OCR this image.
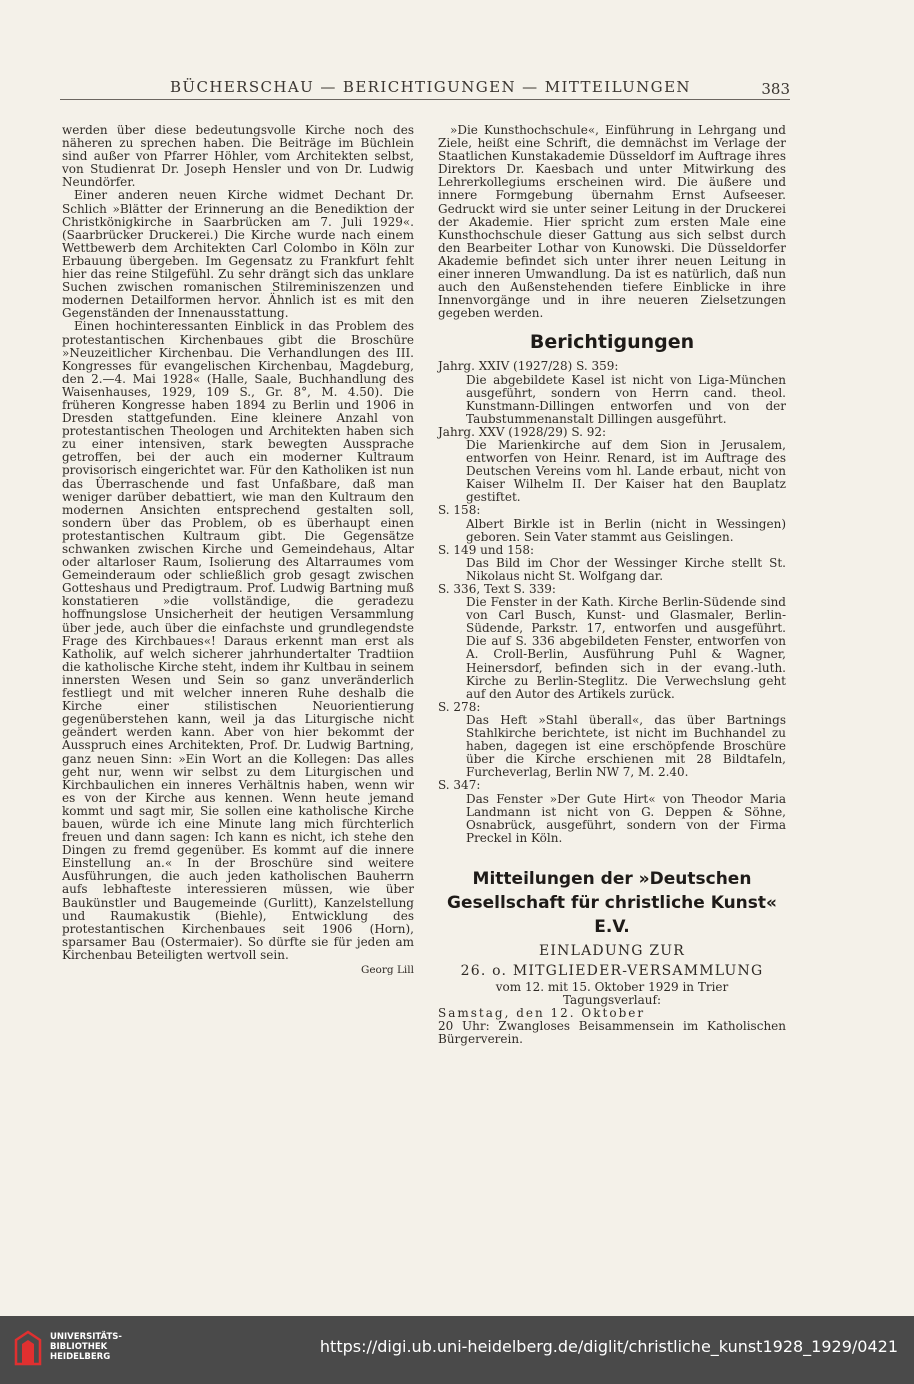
BÜCHERSCHAU — BERICHTIGUNGEN — MITTEILUNGEN	383

werden über diese bedeutungsvolle Kirche noch des näheren zu sprechen haben. Die Beiträge im Büchlein sind außer von Pfarrer Höhler, vom Architekten selbst, von Studienrat Dr. Joseph Hensler und von Dr. Ludwig Neundörfer.

Einer anderen neuen Kirche widmet Dechant Dr. Schlich »Blätter der Erinnerung an die Benediktion der Christkönigkirche in Saarbrücken am 7. Juli 1929«. (Saarbrücker Druckerei.) Die Kirche wurde nach einem Wettbewerb dem Architekten Carl Colombo in Köln zur Erbauung übergeben. Im Gegensatz zu Frankfurt fehlt hier das reine Stilgefühl. Zu sehr drängt sich das unklare Suchen zwischen romanischen Stilreminiszenzen und modernen Detailformen hervor. Ähnlich ist es mit den Gegenständen der Innenausstattung.

Einen hochinteressanten Einblick in das Problem des protestantischen Kirchenbaues gibt die Broschüre »Neuzeitlicher Kirchenbau. Die Verhandlungen des III. Kongresses für evangelischen Kirchenbau, Magdeburg, den 2.—4. Mai 1928« (Halle, Saale, Buchhandlung des Waisenhauses, 1929, 109 S., Gr. 8°, M. 4.50). Die früheren Kongresse haben 1894 zu Berlin und 1906 in Dresden stattgefunden. Eine kleinere Anzahl von protestantischen Theologen und Architekten haben sich zu einer intensiven, stark bewegten Aussprache getroffen, bei der auch ein moderner Kultraum provisorisch eingerichtet war. Für den Katholiken ist nun das Überraschende und fast Unfaßbare, daß man weniger darüber debattiert, wie man den Kultraum den modernen Ansichten entsprechend gestalten soll, sondern über das Problem, ob es überhaupt einen protestantischen Kultraum gibt. Die Gegensätze schwanken zwischen Kirche und Gemeindehaus, Altar oder altarloser Raum, Isolierung des Altarraumes vom Gemeinderaum oder schließlich grob gesagt zwischen Gotteshaus und Predigtraum. Prof. Ludwig Bartning muß konstatieren »die vollständige, die geradezu hoffnungslose Unsicherheit der heutigen Versammlung über jede, auch über die einfachste und grundlegendste Frage des Kirchbaues«! Daraus erkennt man erst als Katholik, auf welch sicherer jahrhundertalter Tradtiion die katholische Kirche steht, indem ihr Kultbau in seinem innersten Wesen und Sein so ganz unveränderlich festliegt und mit welcher inneren Ruhe deshalb die Kirche einer stilistischen Neuorientierung gegenüberstehen kann, weil ja das Liturgische nicht geändert werden kann. Aber von hier bekommt der Ausspruch eines Architekten, Prof. Dr. Ludwig Bartning, ganz neuen Sinn: »Ein Wort an die Kollegen: Das alles geht nur, wenn wir selbst zu dem Liturgischen und Kirchbaulichen ein inneres Verhältnis haben, wenn wir es von der Kirche aus kennen. Wenn heute jemand kommt und sagt mir, Sie sollen eine katholische Kirche bauen, würde ich eine Minute lang mich fürchterlich freuen und dann sagen: Ich kann es nicht, ich stehe den Dingen zu fremd gegenüber. Es kommt auf die innere Einstellung an.« In der Broschüre sind weitere Ausführungen, die auch jeden katholischen Bauherrn aufs lebhafteste interessieren müssen, wie über Baukünstler und Baugemeinde (Gurlitt), Kanzelstellung und Raumakustik (Biehle), Entwicklung des protestantischen Kirchenbaues seit 1906 (Horn), sparsamer Bau (Ostermaier). So dürfte sie für jeden am Kirchenbau Beteiligten wertvoll sein.

Georg Lill

»Die Kunsthochschule«, Einführung in Lehrgang und Ziele, heißt eine Schrift, die demnächst im Verlage der Staatlichen Kunstakademie Düsseldorf im Auftrage ihres Direktors Dr. Kaesbach und unter Mitwirkung des Lehrerkollegiums erscheinen wird. Die äußere und innere Formgebung übernahm Ernst Aufseeser. Gedruckt wird sie unter seiner Leitung in der Druckerei der Akademie. Hier spricht zum ersten Male eine Kunsthochschule dieser Gattung aus sich selbst durch den Bearbeiter Lothar von Kunowski. Die Düsseldorfer Akademie befindet sich unter ihrer neuen Leitung in einer inneren Umwandlung. Da ist es natürlich, daß nun auch den Außenstehenden tiefere Einblicke in ihre Innenvorgänge und in ihre neueren Zielsetzungen gegeben werden.

Berichtigungen

Jahrg. XXIV (1927/28) S. 359:

Die abgebildete Kasel ist nicht von Liga-München ausgeführt, sondern von Herrn cand. theol. Kunstmann-Dillingen entworfen und von der Taubstummenanstalt Dillingen ausgeführt.

Jahrg. XXV (1928/29) S. 92:

Die Marienkirche auf dem Sion in Jerusalem, entworfen von Heinr. Renard, ist im Auftrage des Deutschen Vereins vom hl. Lande erbaut, nicht von Kaiser Wilhelm II. Der Kaiser hat den Bauplatz gestiftet.

S. 158:

Albert Birkle ist in Berlin (nicht in Wessingen) geboren. Sein Vater stammt aus Geislingen.

S. 149 und 158:

Das Bild im Chor der Wessinger Kirche stellt St. Nikolaus nicht St. Wolfgang dar.

S. 336, Text S. 339:

Die Fenster in der Kath. Kirche Berlin-Südende sind von Carl Busch, Kunst- und Glasmaler, Berlin-Südende, Parkstr. 17, entworfen und ausgeführt. Die auf S. 336 abgebildeten Fenster, entworfen von A. Croll-Berlin, Ausführung Puhl & Wagner, Heinersdorf, befinden sich in der evang.-luth. Kirche zu Berlin-Steglitz. Die Verwechslung geht auf den Autor des Artikels zurück.

S. 278:

Das Heft »Stahl überall«, das über Bartnings Stahlkirche berichtete, ist nicht im Buchhandel zu haben, dagegen ist eine erschöpfende Broschüre über die Kirche erschienen mit 28 Bildtafeln, Furcheverlag, Berlin NW 7, M. 2.40.

S. 347:

Das Fenster »Der Gute Hirt« von Theodor Maria Landmann ist nicht von G. Deppen & Söhne, Osnabrück, ausgeführt, sondern von der Firma Preckel in Köln.

Mitteilungen der »Deutschen Gesellschaft für christliche Kunst« E.V.

EINLADUNG ZUR

26. o. MITGLIEDER-VERSAMMLUNG

vom 12. mit 15. Oktober 1929 in Trier

Tagungsverlauf:

Samstag, den 12. Oktober

20 Uhr: Zwangloses Beisammensein im Katholischen Bürgerverein.

UNIVERSITÄTS-
BIBLIOTHEK
HEIDELBERG
https://digi.ub.uni-heidelberg.de/diglit/christliche_kunst1928_1929/0421
